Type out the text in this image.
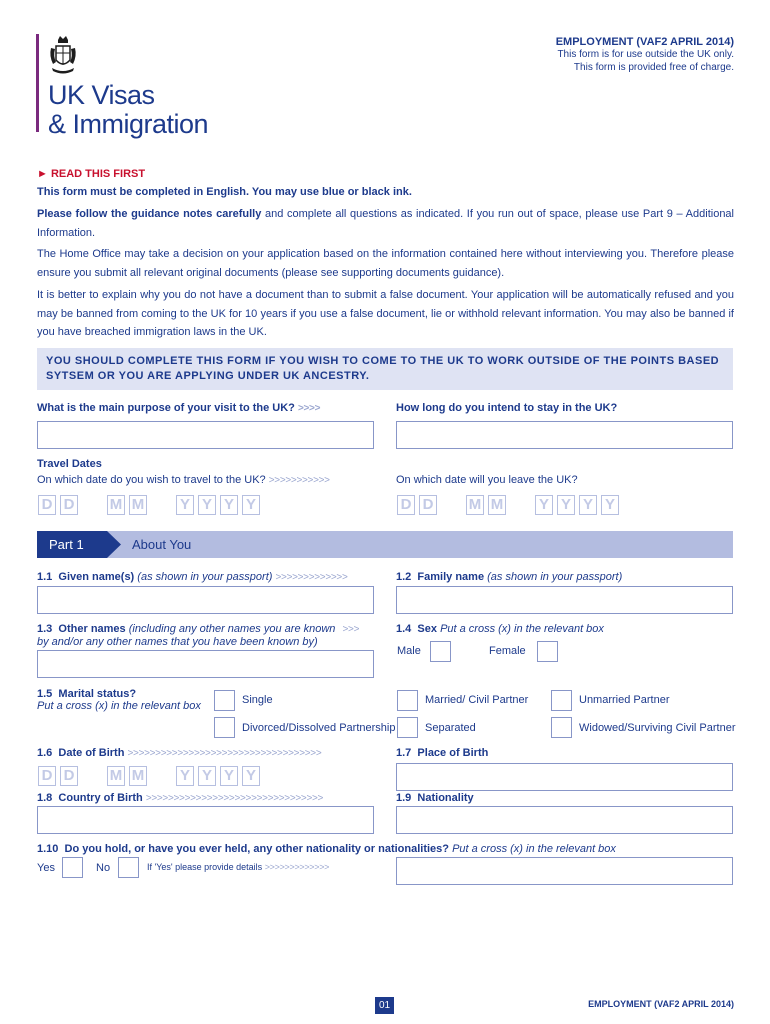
UK Visas
& Immigration
EMPLOYMENT (VAF2 APRIL 2014)
This form is for use outside the UK only.
This form is provided free of charge.
► READ THIS FIRST
This form must be completed in English. You may use blue or black ink.
Please follow the guidance notes carefully and complete all questions as indicated. If you run out of space, please use Part 9 – Additional Information.
The Home Office may take a decision on your application based on the information contained here without interviewing you. Therefore please ensure you submit all relevant original documents (please see supporting documents guidance).
It is better to explain why you do not have a document than to submit a false document. Your application will be automatically refused and you may be banned from coming to the UK for 10 years if you use a false document, lie or withhold relevant information. You may also be banned if you have breached immigration laws in the UK.
YOU SHOULD COMPLETE THIS FORM IF YOU WISH TO COME TO THE UK TO WORK OUTSIDE OF THE POINTS BASED SYTSEM OR YOU ARE APPLYING UNDER UK ANCESTRY.
What is the main purpose of your visit to the UK? >>>>	How long do you intend to stay in the UK?
Travel Dates
On which date do you wish to travel to the UK? >>>>>>>>>>>	On which date will you leave the UK?
D D M M Y Y Y Y	D D M M Y Y Y Y
Part 1	About You
1.1 Given name(s) (as shown in your passport) >>>>>>>>>>>>>	1.2 Family name (as shown in your passport)
1.3 Other names (including any other names you are known >>>
by and/or any other names that you have been known by)
1.4 Sex Put a cross (x) in the relevant box
Male	Female
1.5 Marital status?
Put a cross (x) in the relevant box	Single	Married/ Civil Partner	Unmarried Partner
Divorced/Dissolved Partnership	Separated	Widowed/Surviving Civil Partner
1.6 Date of Birth >>>>>>>>>>>>>>>>>>>>>>>>>>>>>>>>>>>	1.7 Place of Birth
D D M M Y Y Y Y
1.8 Country of Birth >>>>>>>>>>>>>>>>>>>>>>>>>>>>>>>>	1.9 Nationality
1.10 Do you hold, or have you ever held, any other nationality or nationalities? Put a cross (x) in the relevant box
Yes	No	If 'Yes' please provide details >>>>>>>>>>>>>
01	EMPLOYMENT (VAF2 APRIL 2014)
